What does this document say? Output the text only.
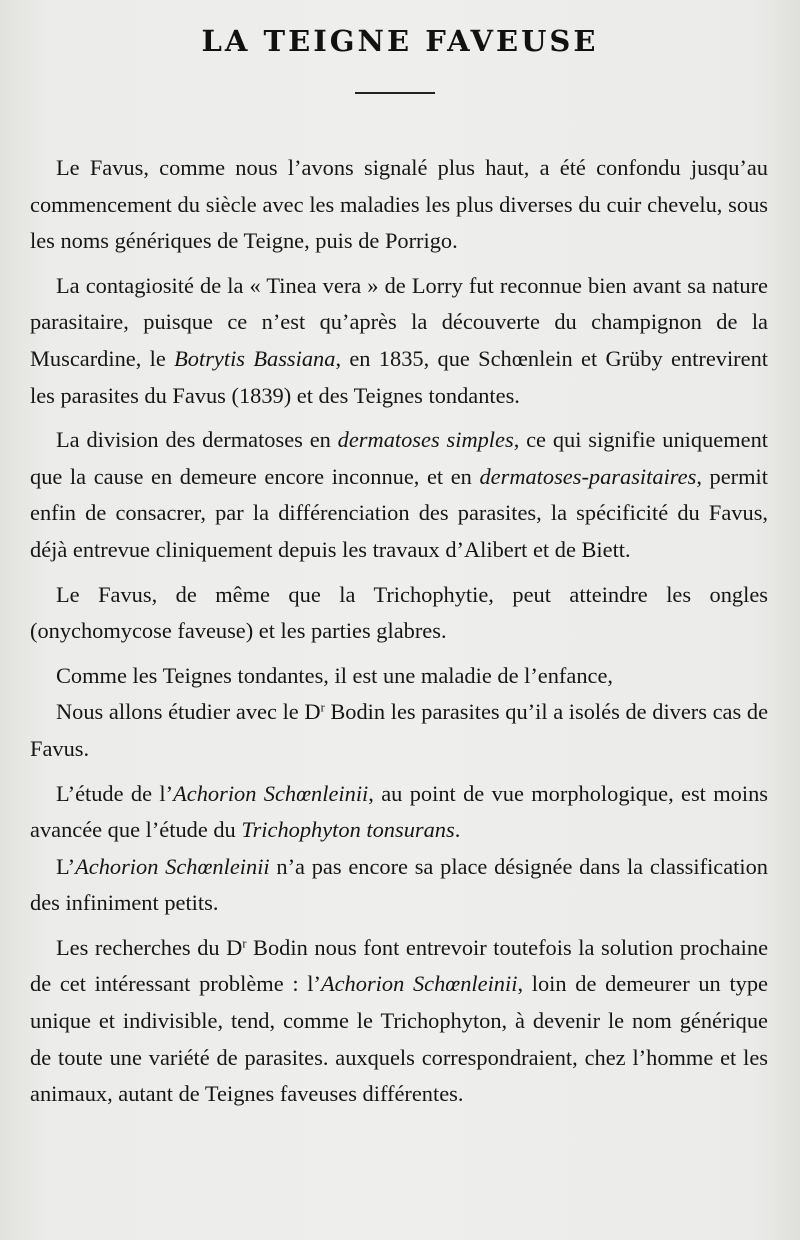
LA TEIGNE FAVEUSE

Le Favus, comme nous l’avons signalé plus haut, a été confondu jusqu’au commencement du siècle avec les maladies les plus diverses du cuir chevelu, sous les noms génériques de Teigne, puis de Porrigo.

La contagiosité de la « Tinea vera » de Lorry fut reconnue bien avant sa nature parasitaire, puisque ce n’est qu’après la découverte du champignon de la Muscardine, le Botrytis Bassiana, en 1835, que Schœnlein et Grüby entrevirent les parasites du Favus (1839) et des Teignes tondantes.

La division des dermatoses en dermatoses simples, ce qui signifie uniquement que la cause en demeure encore inconnue, et en dermatoses-parasitaires, permit enfin de consacrer, par la différenciation des parasites, la spécificité du Favus, déjà entrevue cliniquement depuis les travaux d’Alibert et de Biett.

Le Favus, de même que la Trichophytie, peut atteindre les ongles (onychomycose faveuse) et les parties glabres.

Comme les Teignes tondantes, il est une maladie de l’enfance,

Nous allons étudier avec le $D^r$ Bodin les parasites qu’il a isolés de divers cas de Favus.

L’étude de l’Achorion Schœnleinii, au point de vue morphologique, est moins avancée que l’étude du Trichophyton tonsurans.

L’Achorion Schœnleinii n’a pas encore sa place désignée dans la classification des infiniment petits.

Les recherches du $D^r$ Bodin nous font entrevoir toutefois la solution prochaine de cet intéressant problème : l’Achorion Schœnleinii, loin de demeurer un type unique et indivisible, tend, comme le Trichophyton, à devenir le nom générique de toute une variété de parasites. auxquels correspondraient, chez l’homme et les animaux, autant de Teignes faveuses différentes.
